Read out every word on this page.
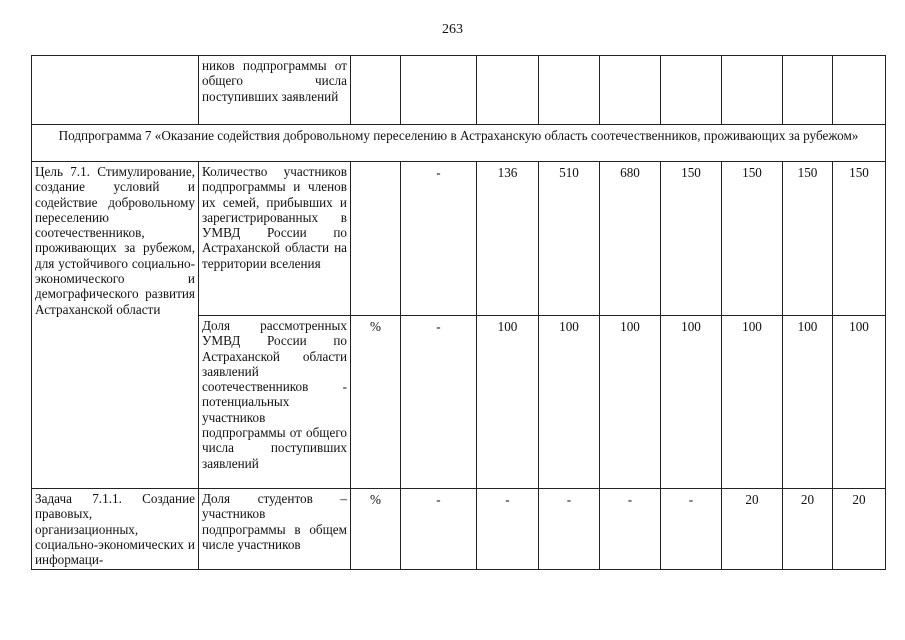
263
	ников подпрограммы от общего числа поступивших заявлений									
Подпрограмма 7 «Оказание содействия добровольному переселению в Астраханскую область соотечественников, проживающих за рубежом»										
Цель 7.1. Стимулирование, создание условий и содействие добровольному переселению соотечественников, проживающих за рубежом, для устойчивого социально-экономического и демографического развития Астраханской области	Количество участников подпрограммы и членов их семей, прибывших и зарегистрированных в УМВД России по Астраханской области на территории вселения		-	136	510	680	150	150	150	150
	Доля рассмотренных УМВД России по Астраханской области заявлений соотечественников - потенциальных участников подпрограммы от общего числа поступивших заявлений	%	-	100	100	100	100	100	100	100
Задача 7.1.1. Создание правовых, организационных, социально-экономических и информаци-	Доля студентов – участников подпрограммы в общем числе участников	%	-	-	-	-	-	20	20	20
